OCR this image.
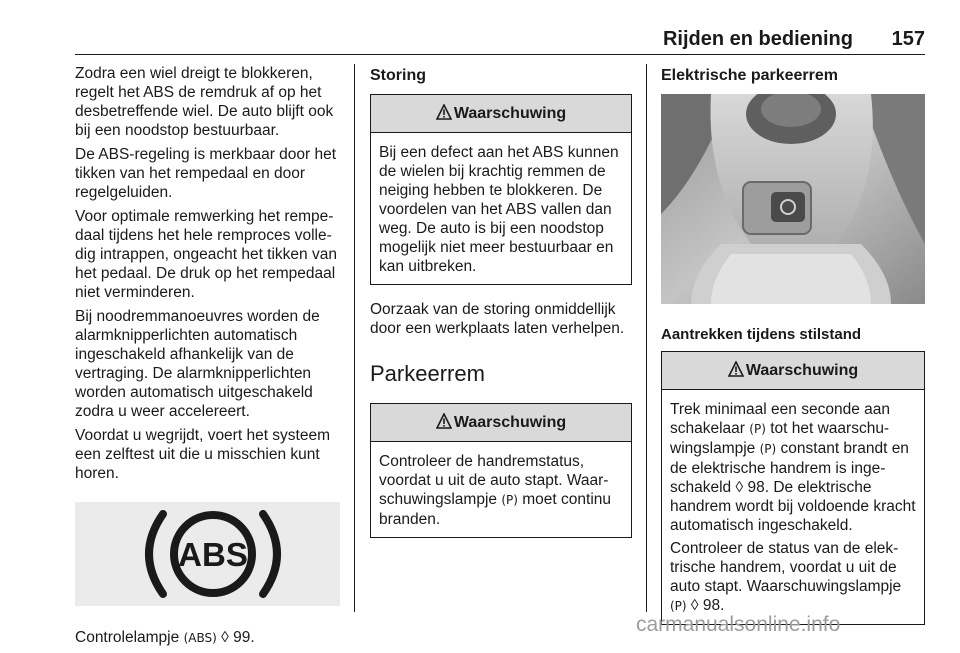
Rijden en bediening 157

Zodra een wiel dreigt te blokkeren, regelt het ABS de remdruk af op het desbetreffende wiel. De auto blijft ook bij een noodstop bestuurbaar.

De ABS-regeling is merkbaar door het tikken van het rempedaal en door regelgeluiden.

Voor optimale remwerking het rempe-daal tijdens het hele remproces volle-dig intrappen, ongeacht het tikken van het pedaal. De druk op het rempedaal niet verminderen.

Bij noodremmanoeuvres worden de alarmknipperlichten automatisch ingeschakeld afhankelijk van de vertraging. De alarmknipperlichten worden automatisch uitgeschakeld zodra u weer accelereert.

Voordat u wegrijdt, voert het systeem een zelftest uit die u misschien kunt horen.

ABS

Controlelampje (ABS) ◊ 99.

Storing
Waarschuwing

Bij een defect aan het ABS kunnen de wielen bij krachtig remmen de neiging hebben te blokkeren. De voordelen van het ABS vallen dan weg. De auto is bij een noodstop mogelijk niet meer bestuurbaar en kan uitbreken.

Oorzaak van de storing onmiddellijk door een werkplaats laten verhelpen.

Parkeerrem
Waarschuwing

Controleer de handremstatus, voordat u uit de auto stapt. Waar-schuwingslampje (P) moet continu branden.

Elektrische parkeerrem
Aantrekken tijdens stilstand
Waarschuwing

Trek minimaal een seconde aan schakelaar (P) tot het waarschu-wingslampje (P) constant brandt en de elektrische handrem is inge-schakeld ◊ 98. De elektrische handrem wordt bij voldoende kracht automatisch ingeschakeld.

Controleer de status van de elek-trische handrem, voordat u uit de auto stapt. Waarschuwingslampje (P) ◊ 98.

carmanualsonline.info
